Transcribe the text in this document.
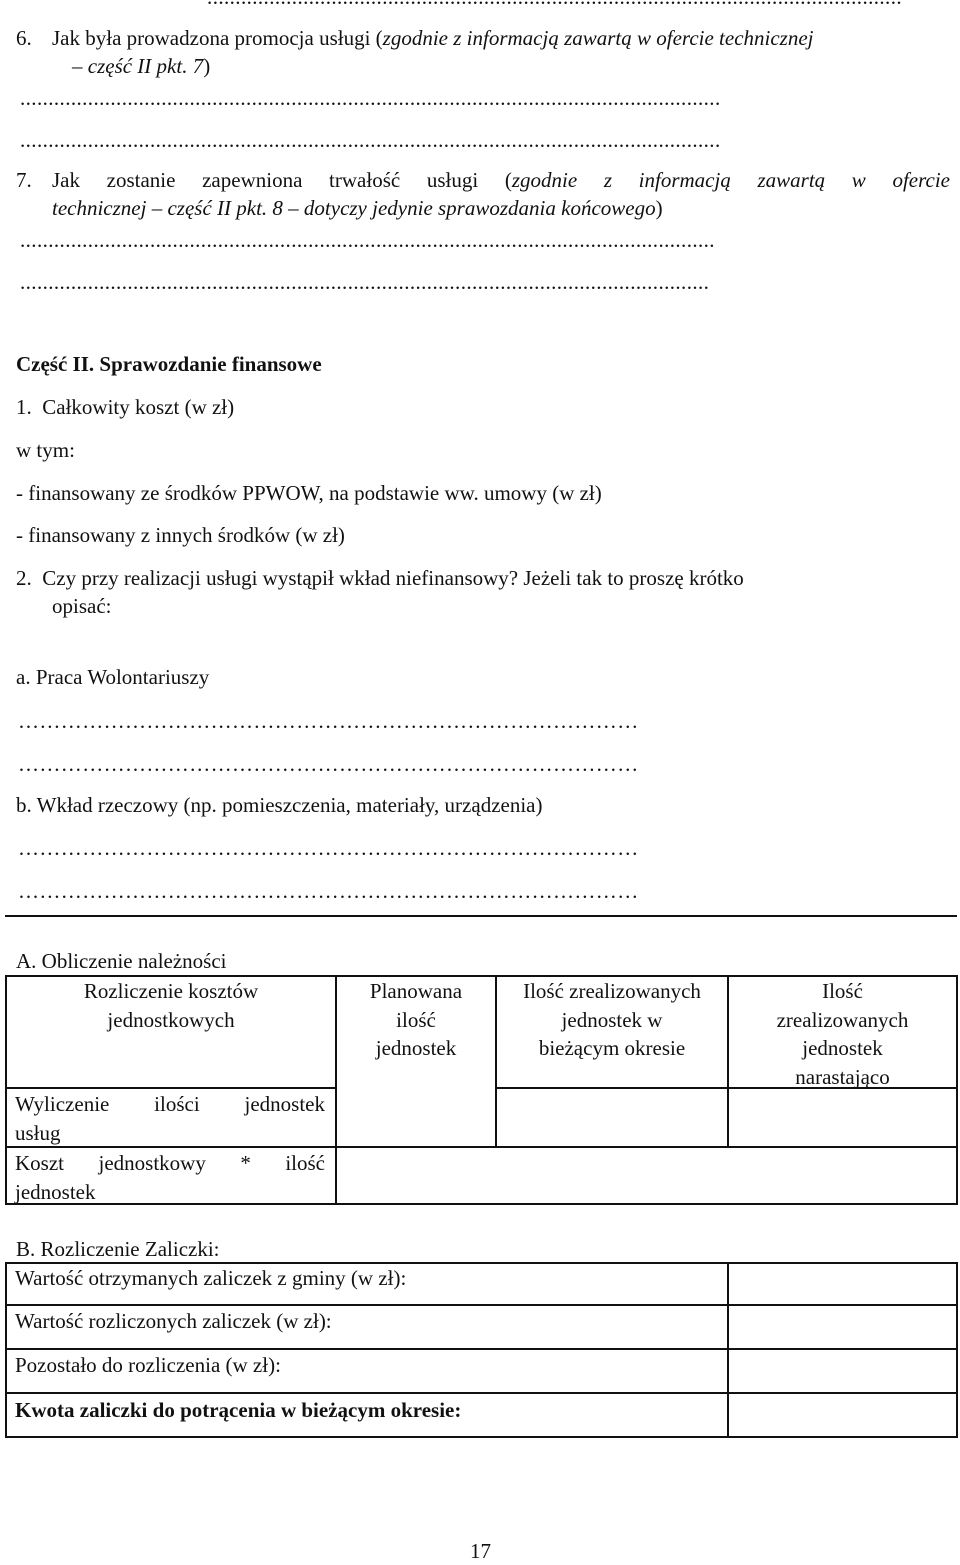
6. Jak była prowadzona promocja usługi (zgodnie z informacją zawartą w ofercie technicznej
– część II pkt. 7)
............................................................................................................................
............................................................................................................................
7. Jak zostanie zapewniona trwałość usługi (zgodnie z informacją zawartą w ofercie
technicznej – część II pkt. 8 – dotyczy jedynie sprawozdania końcowego)
...........................................................................................................................
..........................................................................................................................
Część II. Sprawozdanie finansowe
1.  Całkowity koszt (w zł)
w tym:
- finansowany ze środków PPWOW, na podstawie ww. umowy (w zł)
- finansowany z innych środków (w zł)
2.  Czy przy realizacji usługi wystąpił wkład niefinansowy? Jeżeli tak to proszę krótko
opisać:
a. Praca Wolontariuszy
……………………………………………………………………………
……………………………………………………………………………
b. Wkład rzeczowy (np. pomieszczenia, materiały, urządzenia)
……………………………………………………………………………
……………………………………………………………………………
A. Obliczenie należności
Rozliczenie kosztów
jednostkowych
Planowana
ilość
jednostek
Ilość zrealizowanych
jednostek w
bieżącym okresie
Ilość
zrealizowanych
jednostek
narastająco
Wyliczenie ilości jednostek
usług
Koszt jednostkowy * ilość
jednostek
B. Rozliczenie Zaliczki:
Wartość otrzymanych zaliczek z gminy (w zł):
Wartość rozliczonych zaliczek (w zł):
Pozostało do rozliczenia (w zł):
Kwota zaliczki do potrącenia w bieżącym okresie:
17
